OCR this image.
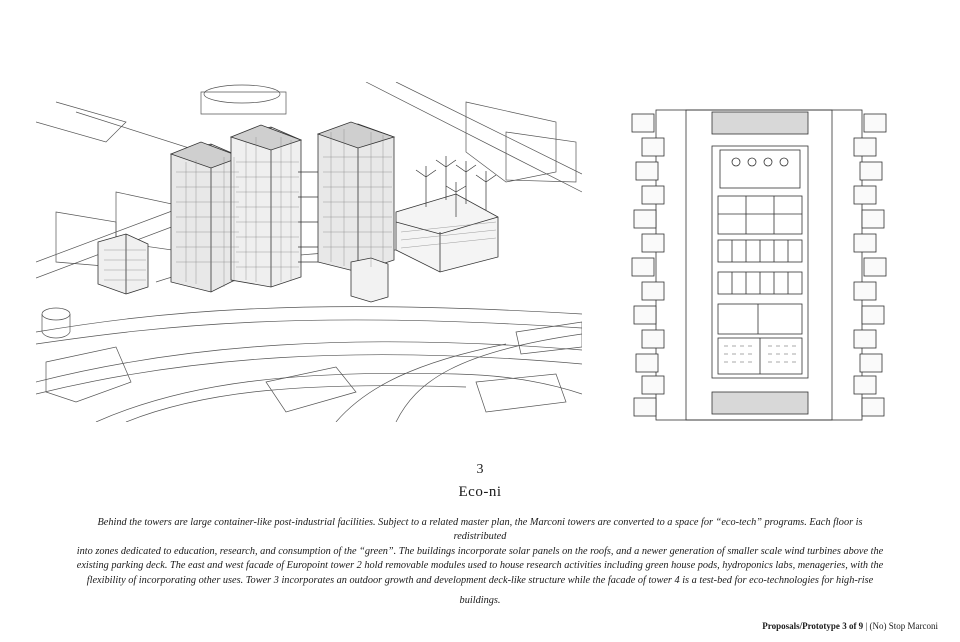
3
Eco-ni

Behind the towers are large container-like post-industrial facilities. Subject to a related master plan, the Marconi towers are converted to a space for “eco-tech” programs. Each floor is redistributed

into zones dedicated to education, research, and consumption of the “green”. The buildings incorporate solar panels on the roofs, and a newer generation of smaller scale wind turbines above the

existing parking deck. The east and west facade of Europoint tower 2 hold removable modules used to house research activities including green house pods, hydroponics labs, menageries, with the

flexibility of incorporating other uses. Tower 3 incorporates an outdoor growth and development deck-like structure while the facade of tower 4 is a test-bed for eco-technologies for high-rise

buildings.

Proposals/Prototype 3 of 9 | (No) Stop Marconi
